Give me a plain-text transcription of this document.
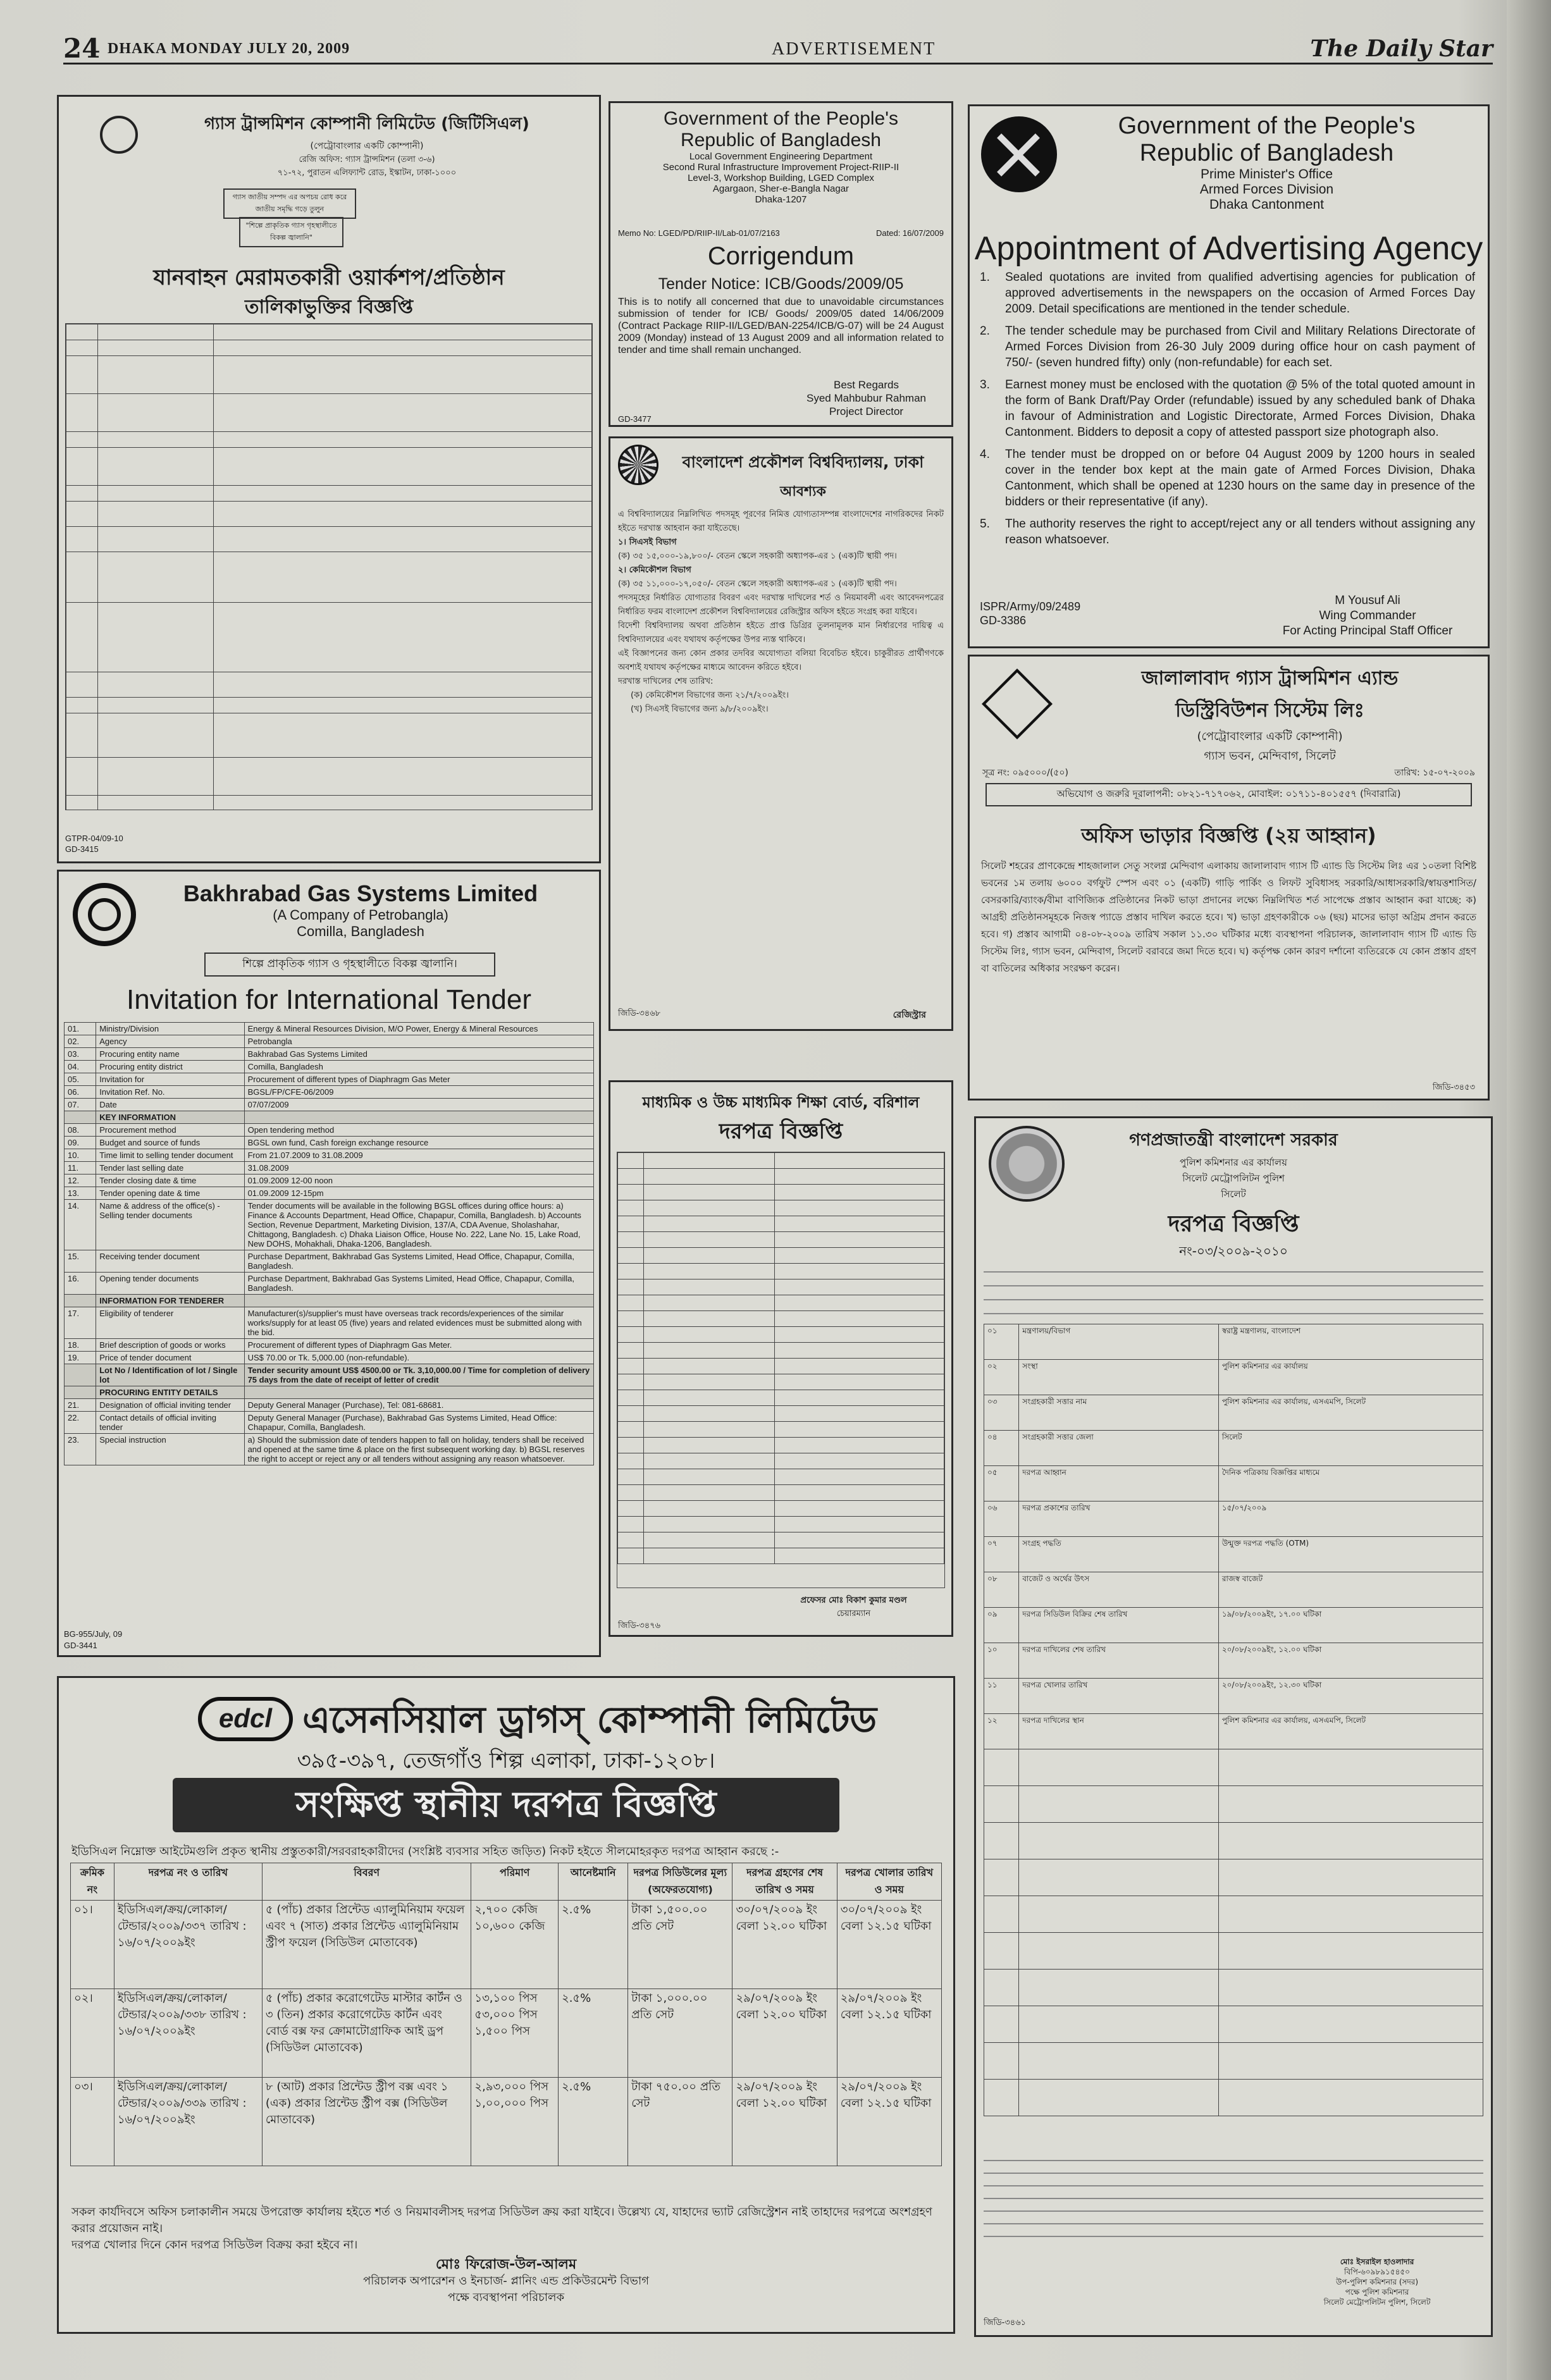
24 DHAKA MONDAY JULY 20, 2009	ADVERTISEMENT	The Daily Star
গ্যাস ট্রান্সমিশন কোম্পানী লিমিটেড (জিটিসিএল)
(পেট্রোবাংলার একটি কোম্পানী)
রেজি অফিস: গ্যাস ট্রান্সমিশন (তলা ৩-৬)
৭১-৭২, পুরাতন এলিফ্যান্ট রোড, ইস্কাটন, ঢাকা-১০০০
গ্যাস জাতীয় সম্পদ এর অপচয় রোধ করে জাতীয় সমৃদ্ধি গড়ে তুলুন
"শিল্পে প্রাকৃতিক গ্যাস গৃহস্থালীতে বিকল্প জ্বালানি"
যানবাহন মেরামতকারী ওয়ার্কশপ/প্রতিষ্ঠান
তালিকাভুক্তির বিজ্ঞপ্তি

GTPR-04/09-10
GD-3415
Bakhrabad Gas Systems Limited
(A Company of Petrobangla)
Comilla, Bangladesh
শিল্পে প্রাকৃতিক গ্যাস ও গৃহস্থালীতে বিকল্প জ্বালানি।
Invitation for International Tender
01.	Ministry/Division	Energy & Mineral Resources Division, M/O Power, Energy & Mineral Resources
02.	Agency	Petrobangla
03.	Procuring entity name	Bakhrabad Gas Systems Limited
04.	Procuring entity district	Comilla, Bangladesh
05.	Invitation for	Procurement of different types of Diaphragm Gas Meter
06.	Invitation Ref. No.	BGSL/FP/CFE-06/2009
07.	Date	07/07/2009
	KEY INFORMATION	
08.	Procurement method	Open tendering method
09.	Budget and source of funds	BGSL own fund, Cash foreign exchange resource
10.	Time limit to selling tender document	From 21.07.2009 to 31.08.2009
11.	Tender last selling date	31.08.2009
12.	Tender closing date & time	01.09.2009 12-00 noon
13.	Tender opening date & time	01.09.2009 12-15pm
14.	Name & address of the office(s) -Selling tender documents	Tender documents will be available in the following BGSL offices during office hours: a) Finance & Accounts Department, Head Office, Chapapur, Comilla, Bangladesh. b) Accounts Section, Revenue Department, Marketing Division, 137/A, CDA Avenue, Sholashahar, Chittagong, Bangladesh. c) Dhaka Liaison Office, House No. 222, Lane No. 15, Lake Road, New DOHS, Mohakhali, Dhaka-1206, Bangladesh.
15.	Receiving tender document	Purchase Department, Bakhrabad Gas Systems Limited, Head Office, Chapapur, Comilla, Bangladesh.
16.	Opening tender documents	Purchase Department, Bakhrabad Gas Systems Limited, Head Office, Chapapur, Comilla, Bangladesh.
	INFORMATION FOR TENDERER	
17.	Eligibility of tenderer	Manufacturer(s)/supplier's must have overseas track records/experiences of the similar works/supply for at least 05 (five) years and related evidences must be submitted along with the bid.
18.	Brief description of goods or works	Procurement of different types of Diaphragm Gas Meter.
19.	Price of tender document	US$ 70.00 or Tk. 5,000.00 (non-refundable).
	Lot No / Identification of lot / Single lot	Tender security amount US$ 4500.00 or Tk. 3,10,000.00 / Time for completion of delivery 75 days from the date of receipt of letter of credit
	PROCURING ENTITY DETAILS	
21.	Designation of official inviting tender	Deputy General Manager (Purchase), Tel: 081-68681.
22.	Contact details of official inviting tender	Deputy General Manager (Purchase), Bakhrabad Gas Systems Limited, Head Office: Chapapur, Comilla, Bangladesh.
23.	Special instruction	a) Should the submission date of tenders happen to fall on holiday, tenders shall be received and opened at the same time & place on the first subsequent working day. b) BGSL reserves the right to accept or reject any or all tenders without assigning any reason whatsoever.
BG-955/July, 09
GD-3441
Government of the People's
Republic of Bangladesh
Local Government Engineering Department
Second Rural Infrastructure Improvement Project-RIIP-II
Level-3, Workshop Building, LGED Complex
Agargaon, Sher-e-Bangla Nagar
Dhaka-1207
Memo No: LGED/PD/RIIP-II/Lab-01/07/2163	Dated: 16/07/2009
Corrigendum
Tender Notice: ICB/Goods/2009/05
This is to notify all concerned that due to unavoidable circumstances submission of tender for ICB/ Goods/ 2009/05 dated 14/06/2009 (Contract Package RIIP-II/LGED/BAN-2254/ICB/G-07) will be 24 August 2009 (Monday) instead of 13 August 2009 and all information related to tender and time shall remain unchanged.
Best Regards
Syed Mahbubur Rahman
Project Director
GD-3477
বাংলাদেশ প্রকৌশল বিশ্ববিদ্যালয়, ঢাকা
আবশ্যক
এ বিশ্ববিদ্যালয়ের নিম্নলিখিত পদসমূহ পূরণের নিমিত্ত যোগ্যতাসম্পন্ন বাংলাদেশের নাগরিকদের নিকট হইতে দরখাস্ত আহবান করা যাইতেছে।
১। সিএসই বিভাগ
(ক) ৩৫ ১৫,০০০-১৯,৮০০/- বেতন স্কেলে সহকারী অধ্যাপক-এর ১ (এক)টি স্থায়ী পদ।
২। কেমিকৌশল বিভাগ
(ক) ৩৫ ১১,০০০-১৭,০৫০/- বেতন স্কেলে সহকারী অধ্যাপক-এর ১ (এক)টি স্থায়ী পদ।
পদসমূহের নির্ধারিত যোগ্যতার বিবরণ এবং দরখাস্ত দাখিলের শর্ত ও নিয়মাবলী এবং আবেদনপত্রের নির্ধারিত ফরম বাংলাদেশ প্রকৌশল বিশ্ববিদ্যালয়ের রেজিস্ট্রার অফিস হইতে সংগ্রহ করা যাইবে।
বিদেশী বিশ্ববিদ্যালয় অথবা প্রতিষ্ঠান হইতে প্রাপ্ত ডিগ্রির তুলনামূলক মান নির্ধারণের দায়িত্ব এ বিশ্ববিদ্যালয়ের এবং যথাযথ কর্তৃপক্ষের উপর ন্যস্ত থাকিবে।
এই বিজ্ঞাপনের জন্য কোন প্রকার তদবির অযোগ্যতা বলিয়া বিবেচিত হইবে। চাকুরীরত প্রার্থীগণকে অবশ্যই যথাযথ কর্তৃপক্ষের মাধ্যমে আবেদন করিতে হইবে।
দরখাস্ত দাখিলের শেষ তারিখ:
(ক) কেমিকৌশল বিভাগের জন্য ২১/৭/২০০৯ইং।
(খ) সিএসই বিভাগের জন্য ৯/৮/২০০৯ইং।
জিডি-৩৪৬৮	রেজিস্ট্রার
মাধ্যমিক ও উচ্চ মাধ্যমিক শিক্ষা বোর্ড, বরিশাল
দরপত্র বিজ্ঞপ্তি

প্রফেসর মোঃ বিকাশ কুমার মণ্ডল
চেয়ারম্যান
জিডি-৩৪৭৬
Government of the People's
Republic of Bangladesh
Prime Minister's Office
Armed Forces Division
Dhaka Cantonment
Appointment of Advertising Agency
1.	Sealed quotations are invited from qualified advertising agencies for publication of approved advertisements in the newspapers on the occasion of Armed Forces Day 2009. Detail specifications are mentioned in the tender schedule.
2.	The tender schedule may be purchased from Civil and Military Relations Directorate of Armed Forces Division from 26-30 July 2009 during office hour on cash payment of 750/- (seven hundred fifty) only (non-refundable) for each set.
3.	Earnest money must be enclosed with the quotation @ 5% of the total quoted amount in the form of Bank Draft/Pay Order (refundable) issued by any scheduled bank of Dhaka in favour of Administration and Logistic Directorate, Armed Forces Division, Dhaka Cantonment. Bidders to deposit a copy of attested passport size photograph also.
4.	The tender must be dropped on or before 04 August 2009 by 1200 hours in sealed cover in the tender box kept at the main gate of Armed Forces Division, Dhaka Cantonment, which shall be opened at 1230 hours on the same day in presence of the bidders or their representative (if any).
5.	The authority reserves the right to accept/reject any or all tenders without assigning any reason whatsoever.
ISPR/Army/09/2489
GD-3386
M Yousuf Ali
Wing Commander
For Acting Principal Staff Officer
জালালাবাদ গ্যাস ট্রান্সমিশন এ্যান্ড
ডিস্ট্রিবিউশন সিস্টেম লিঃ
(পেট্রোবাংলার একটি কোম্পানী)
গ্যাস ভবন, মেন্দিবাগ, সিলেট
সূত্র নং: ০৯৫০০০/(৫০)	তারিখ: ১৫-০৭-২০০৯
অভিযোগ ও জরুরি দূরালাপনী: ০৮২১-৭১৭০৬২, মোবাইল: ০১৭১১-৪০১৫৫৭ (দিবারাত্রি)
অফিস ভাড়ার বিজ্ঞপ্তি (২য় আহ্বান)
সিলেট শহরের প্রাণকেন্দ্রে শাহজালাল সেতু সংলগ্ন মেন্দিবাগ এলাকায় জালালাবাদ গ্যাস টি এ্যান্ড ডি সিস্টেম লিঃ এর ১০তলা বিশিষ্ট ভবনের ১ম তলায় ৬০০০ বর্গফুট স্পেস এবং ০১ (একটি) গাড়ি পার্কিং ও লিফট সুবিধাসহ সরকারি/আধাসরকারি/স্বায়ত্তশাসিত/বেসরকারি/ব্যাংক/বীমা বাণিজ্যিক প্রতিষ্ঠানের নিকট ভাড়া প্রদানের লক্ষ্যে নিম্নলিখিত শর্ত সাপেক্ষে প্রস্তাব আহ্বান করা যাচ্ছে: ক) আগ্রহী প্রতিষ্ঠানসমূহকে নিজস্ব প্যাডে প্রস্তাব দাখিল করতে হবে। খ) ভাড়া গ্রহণকারীকে ০৬ (ছয়) মাসের ভাড়া অগ্রিম প্রদান করতে হবে। গ) প্রস্তাব আগামী ০৪-০৮-২০০৯ তারিখ সকাল ১১.৩০ ঘটিকার মধ্যে ব্যবস্থাপনা পরিচালক, জালালাবাদ গ্যাস টি এ্যান্ড ডি সিস্টেম লিঃ, গ্যাস ভবন, মেন্দিবাগ, সিলেট বরাবরে জমা দিতে হবে। ঘ) কর্তৃপক্ষ কোন কারণ দর্শানো ব্যতিরেকে যে কোন প্রস্তাব গ্রহণ বা বাতিলের অধিকার সংরক্ষণ করেন।
জিডি-৩৪৫৩
গণপ্রজাতন্ত্রী বাংলাদেশ সরকার
পুলিশ কমিশনার এর কার্যালয়
সিলেট মেট্রোপলিটন পুলিশ
সিলেট
দরপত্র বিজ্ঞপ্তি
নং-০৩/২০০৯-২০১০
০১	মন্ত্রণালয়/বিভাগ	স্বরাষ্ট্র মন্ত্রণালয়, বাংলাদেশ
০২	সংস্থা	পুলিশ কমিশনার এর কার্যালয়
০৩	সংগ্রহকারী সত্তার নাম	পুলিশ কমিশনার এর কার্যালয়, এসএমপি, সিলেট
০৪	সংগ্রহকারী সত্তার জেলা	সিলেট
০৫	দরপত্র আহ্বান	দৈনিক পত্রিকায় বিজ্ঞপ্তির মাধ্যমে
০৬	দরপত্র প্রকাশের তারিখ	১৫/০৭/২০০৯
০৭	সংগ্রহ পদ্ধতি	উন্মুক্ত দরপত্র পদ্ধতি (OTM)
০৮	বাজেট ও অর্থের উৎস	রাজস্ব বাজেট
০৯	দরপত্র সিডিউল বিক্রির শেষ তারিখ	১৯/০৮/২০০৯ইং, ১৭.০০ ঘটিকা
১০	দরপত্র দাখিলের শেষ তারিখ	২০/০৮/২০০৯ইং, ১২.০০ ঘটিকা
১১	দরপত্র খোলার তারিখ	২০/০৮/২০০৯ইং, ১২.৩০ ঘটিকা
১২	দরপত্র দাখিলের স্থান	পুলিশ কমিশনার এর কার্যালয়, এসএমপি, সিলেট

মোঃ ইসরাইল হাওলাদার
বিপি-৬০৯৮৯১৫৪৫০
উপ-পুলিশ কমিশনার (সদর)
পক্ষে পুলিশ কমিশনার
সিলেট মেট্রোপলিটন পুলিশ, সিলেট
জিডি-৩৪৬১
edcl এসেনসিয়াল ড্রাগস্ কোম্পানী লিমিটেড
৩৯৫-৩৯৭, তেজগাঁও শিল্প এলাকা, ঢাকা-১২০৮।
সংক্ষিপ্ত স্থানীয় দরপত্র বিজ্ঞপ্তি
ইডিসিএল নিম্নোক্ত আইটেমগুলি প্রকৃত স্থানীয় প্রস্তুতকারী/সরবরাহকারীদের (সংশ্লিষ্ট ব্যবসার সহিত জড়িত) নিকট হইতে সীলমোহরকৃত দরপত্র আহ্বান করছে :-
ক্রমিক নং	দরপত্র নং ও তারিখ	বিবরণ	পরিমাণ	আনেষ্টমানি	দরপত্র সিডিউলের মূল্য (অফেরতযোগ্য)	দরপত্র গ্রহণের শেষ তারিখ ও সময়	দরপত্র খোলার তারিখ ও সময়
০১।	ইডিসিএল/ক্রয়/লোকাল/টেন্ডার/২০০৯/৩৩৭ তারিখ : ১৬/০৭/২০০৯ইং	৫ (পাঁচ) প্রকার প্রিন্টেড এ্যালুমিনিয়াম ফয়েল এবং ৭ (সাত) প্রকার প্রিন্টেড এ্যালুমিনিয়াম স্ট্রীপ ফয়েল (সিডিউল মোতাবেক)	২,৭০০ কেজি ১০,৬০০ কেজি	২.৫%	টাকা ১,৫০০.০০ প্রতি সেট	৩০/০৭/২০০৯ ইং বেলা ১২.০০ ঘটিকা	৩০/০৭/২০০৯ ইং বেলা ১২.১৫ ঘটিকা
০২।	ইডিসিএল/ক্রয়/লোকাল/টেন্ডার/২০০৯/৩৩৮ তারিখ : ১৬/০৭/২০০৯ইং	৫ (পাঁচ) প্রকার করোগেটেড মাস্টার কার্টন ও ৩ (তিন) প্রকার করোগেটেড কার্টন এবং বোর্ড বক্স ফর ক্রোমাটোগ্রাফিক আই ড্রপ (সিডিউল মোতাবেক)	১৩,১০০ পিস ৫৩,০০০ পিস ১,৫০০ পিস	২.৫%	টাকা ১,০০০.০০ প্রতি সেট	২৯/০৭/২০০৯ ইং বেলা ১২.০০ ঘটিকা	২৯/০৭/২০০৯ ইং বেলা ১২.১৫ ঘটিকা
০৩।	ইডিসিএল/ক্রয়/লোকাল/টেন্ডার/২০০৯/৩৩৯ তারিখ : ১৬/০৭/২০০৯ইং	৮ (আট) প্রকার প্রিন্টেড স্ট্রীপ বক্স এবং ১ (এক) প্রকার প্রিন্টেড স্ট্রীপ বক্স (সিডিউল মোতাবেক)	২,৯৩,০০০ পিস ১,০০,০০০ পিস	২.৫%	টাকা ৭৫০.০০ প্রতি সেট	২৯/০৭/২০০৯ ইং বেলা ১২.০০ ঘটিকা	২৯/০৭/২০০৯ ইং বেলা ১২.১৫ ঘটিকা
সকল কার্যদিবসে অফিস চলাকালীন সময়ে উপরোক্ত কার্যালয় হইতে শর্ত ও নিয়মাবলীসহ দরপত্র সিডিউল ক্রয় করা যাইবে। উল্লেখ্য যে, যাহাদের ভ্যাট রেজিস্ট্রেশন নাই তাহাদের দরপত্রে অংশগ্রহণ করার প্রয়োজন নাই।
দরপত্র খোলার দিনে কোন দরপত্র সিডিউল বিক্রয় করা হইবে না।
মোঃ ফিরোজ-উল-আলম
পরিচালক অপারেশন ও ইনচার্জ- প্লানিং এন্ড প্রকিউরমেন্ট বিভাগ
পক্ষে ব্যবস্থাপনা পরিচালক
